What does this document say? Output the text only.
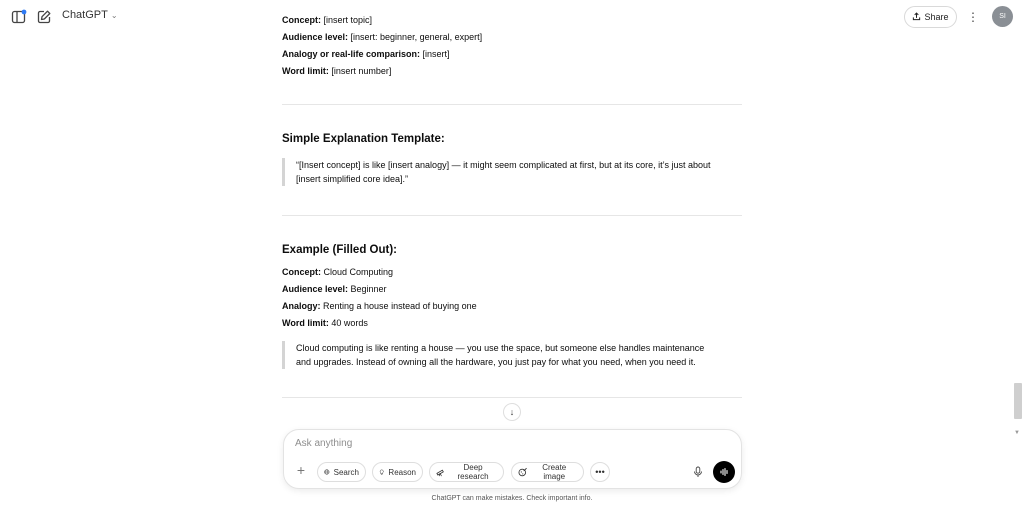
ChatGPT ⌄	Share ⋮	SI
Concept: [insert topic]
Audience level: [insert: beginner, general, expert]
Analogy or real-life comparison: [insert]
Word limit: [insert number]
Simple Explanation Template:
“[Insert concept] is like [insert analogy] — it might seem complicated at first, but at its core, it’s just about
[insert simplified core idea].”
Example (Filled Out):
Concept: Cloud Computing
Audience level: Beginner
Analogy: Renting a house instead of buying one
Word limit: 40 words
Cloud computing is like renting a house — you use the space, but someone else handles maintenance
and upgrades. Instead of owning all the hardware, you just pay for what you need, when you need it.
↓
Ask anything
+	Search	Reason	Deep research
Create image	•••
ChatGPT can make mistakes. Check important info.
▼
